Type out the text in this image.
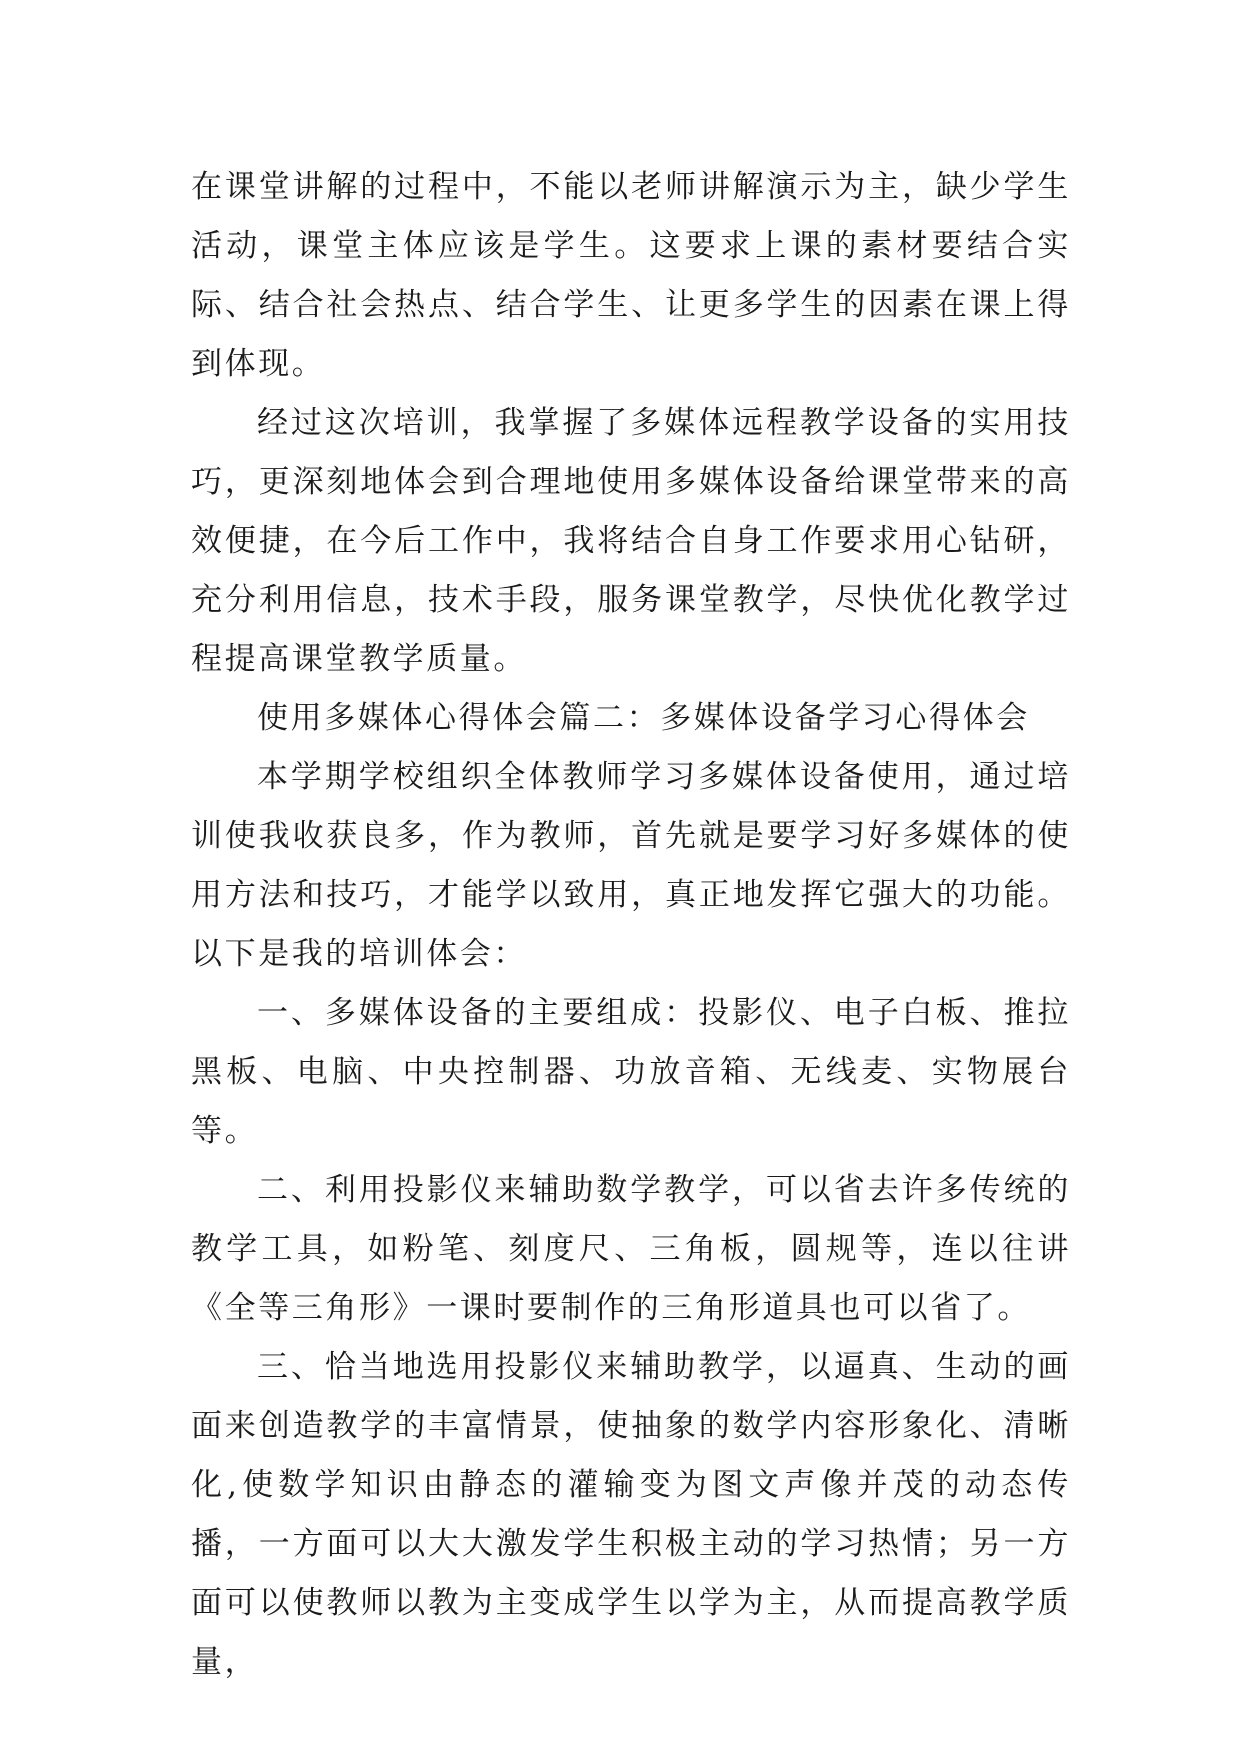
在课堂讲解的过程中，不能以老师讲解演示为主，缺少学生活动，课堂主体应该是学生。这要求上课的素材要结合实际、结合社会热点、结合学生、让更多学生的因素在课上得到体现。

经过这次培训，我掌握了多媒体远程教学设备的实用技巧，更深刻地体会到合理地使用多媒体设备给课堂带来的高效便捷，在今后工作中，我将结合自身工作要求用心钻研，充分利用信息，技术手段，服务课堂教学，尽快优化教学过程提高课堂教学质量。

使用多媒体心得体会篇二：多媒体设备学习心得体会

本学期学校组织全体教师学习多媒体设备使用，通过培训使我收获良多，作为教师，首先就是要学习好多媒体的使用方法和技巧，才能学以致用，真正地发挥它强大的功能。以下是我的培训体会：

一、多媒体设备的主要组成：投影仪、电子白板、推拉黑板、电脑、中央控制器、功放音箱、无线麦、实物展台等。

二、利用投影仪来辅助数学教学，可以省去许多传统的教学工具，如粉笔、刻度尺、三角板，圆规等，连以往讲《全等三角形》一课时要制作的三角形道具也可以省了。

三、恰当地选用投影仪来辅助教学，以逼真、生动的画面来创造教学的丰富情景，使抽象的数学内容形象化、清晰化,使数学知识由静态的灌输变为图文声像并茂的动态传播，一方面可以大大激发学生积极主动的学习热情；另一方面可以使教师以教为主变成学生以学为主，从而提高教学质量，
